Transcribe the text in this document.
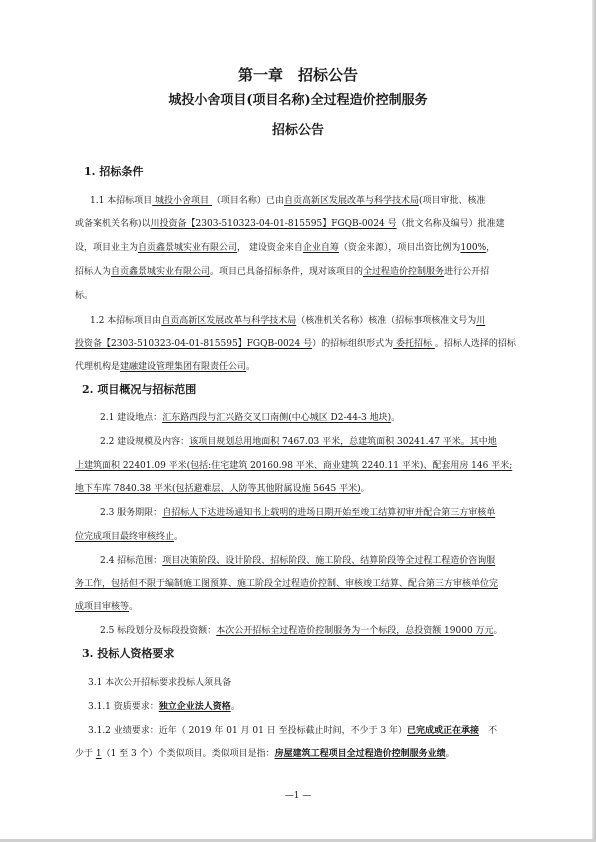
第一章　招标公告
城投小舍项目(项目名称)全过程造价控制服务
招标公告
1. 招标条件
1.1 本招标项目 城投小舍项目 （项目名称）已由自贡高新区发展改革与科学技术局(项目审批、核准
或备案机关名称)以川投资备【2303-510323-04-01-815595】FGQB-0024 号（批文名称及编号）批准建
设，项目业主为自贡鑫景城实业有限公司， 建设资金来自企业自筹（资金来源），项目出资比例为100%，
招标人为自贡鑫景城实业有限公司。项目已具备招标条件，现对该项目的全过程造价控制服务进行公开招
标。
1.2 本招标项目由自贡高新区发展改革与科学技术局（核准机关名称）核准（招标事项核准文号为川
投资备【2303-510323-04-01-815595】FGQB-0024 号）的招标组织形式为 委托招标 。招标人选择的招标
代理机构是建融建设管理集团有限责任公司。
2. 项目概况与招标范围
2.1 建设地点：汇东路西段与汇兴路交叉口南侧(中心城区 D2-44-3 地块)。
2.2 建设规模及内容：该项目规划总用地面积 7467.03 平米，总建筑面积 30241.47 平米。其中地
上建筑面积 22401.09 平米(包括:住宅建筑 20160.98 平米、商业建筑 2240.11 平米)、配套用房 146 平米;
地下车库 7840.38 平米(包括避难层、人防等其他附属设施 5645 平米)。
2.3 服务期限：自招标人下达进场通知书上载明的进场日期开始至竣工结算初审并配合第三方审核单
位完成项目最终审核终止。
2.4 招标范围：项目决策阶段、设计阶段、招标阶段、施工阶段、结算阶段等全过程工程造价咨询服
务工作，包括但不限于编制施工图预算、施工阶段全过程造价控制、审核竣工结算、配合第三方审核单位完
成项目审核等。
2.5 标段划分及标段投资额：本次公开招标全过程造价控制服务为一个标段，总投资额 19000 万元。
3. 投标人资格要求
3.1 本次公开招标要求投标人须具备
3.1.1 资质要求：独立企业法人资格。
3.1.2 业绩要求：近年（ 2019 年 01 月 01 日 至投标截止时间，不少于 3 年）已完成或正在承接　不
少于 1（1 至 3 个）个类似项目。类似项目是指：房屋建筑工程项目全过程造价控制服务业绩。
—1 —
